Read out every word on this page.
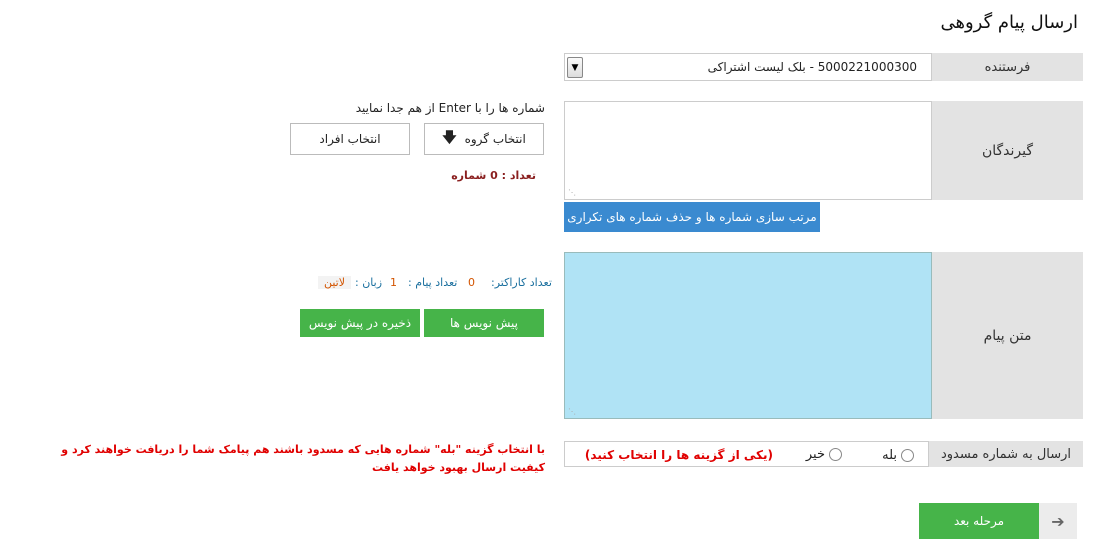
ارسال پیام گروهی
فرستنده
5000221000300 - بلک لیست اشتراکی
▼
گیرندگان
⋰
مرتب سازی شماره ها و حذف شماره های تکراری
شماره ها را با Enter از هم جدا نمایید
انتخاب گروه
🡇
انتخاب افراد
تعداد : 0 شماره
متن پیام
⋰
تعداد کاراکتر:
0
تعداد پیام :
1
زبان :
لاتین
پیش نویس ها
ذخیره در پیش نویس
ارسال به شماره مسدود
بله
خیر
(یکی از گزینه ها را انتخاب کنید)
با انتخاب گزینه "بله" شماره هایی که مسدود باشند هم پیامک شما را دریافت خواهند کرد و کیفیت ارسال بهبود خواهد یافت
➔
مرحله بعد
